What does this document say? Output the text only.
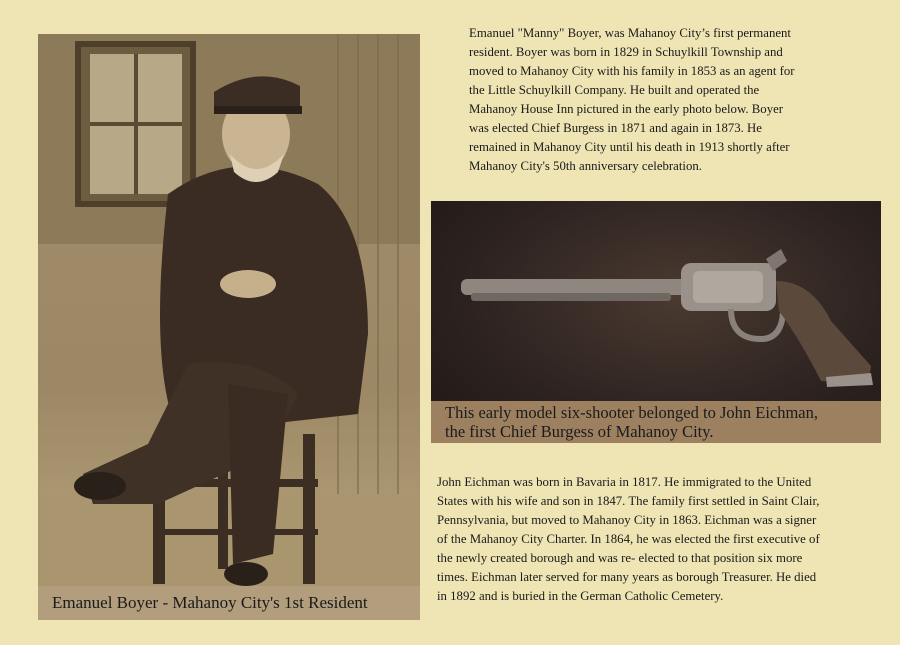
Emanuel Boyer - Mahanoy City's 1st Resident
Emanuel "Manny" Boyer, was Mahanoy City’s first permanent
resident. Boyer was born in 1829 in Schuylkill Township and
moved to Mahanoy City with his family in 1853 as an agent for
the Little Schuylkill Company. He built and operated the
Mahanoy House Inn pictured in the early photo below. Boyer
was elected Chief Burgess in 1871 and again in 1873. He
remained in Mahanoy City until his death in 1913 shortly after
Mahanoy City's 50th anniversary celebration.
This early model six-shooter belonged to John Eichman,
the first Chief Burgess of Mahanoy City.
John Eichman was born in Bavaria in 1817. He immigrated to the United
States with his wife and son in 1847. The family first settled in Saint Clair,
Pennsylvania, but moved to Mahanoy City in 1863. Eichman was a signer
of the Mahanoy City Charter. In 1864, he was elected the first executive of
the newly created borough and was re- elected to that position six more
times. Eichman later served for many years as borough Treasurer. He died
in 1892 and is buried in the German Catholic Cemetery.
